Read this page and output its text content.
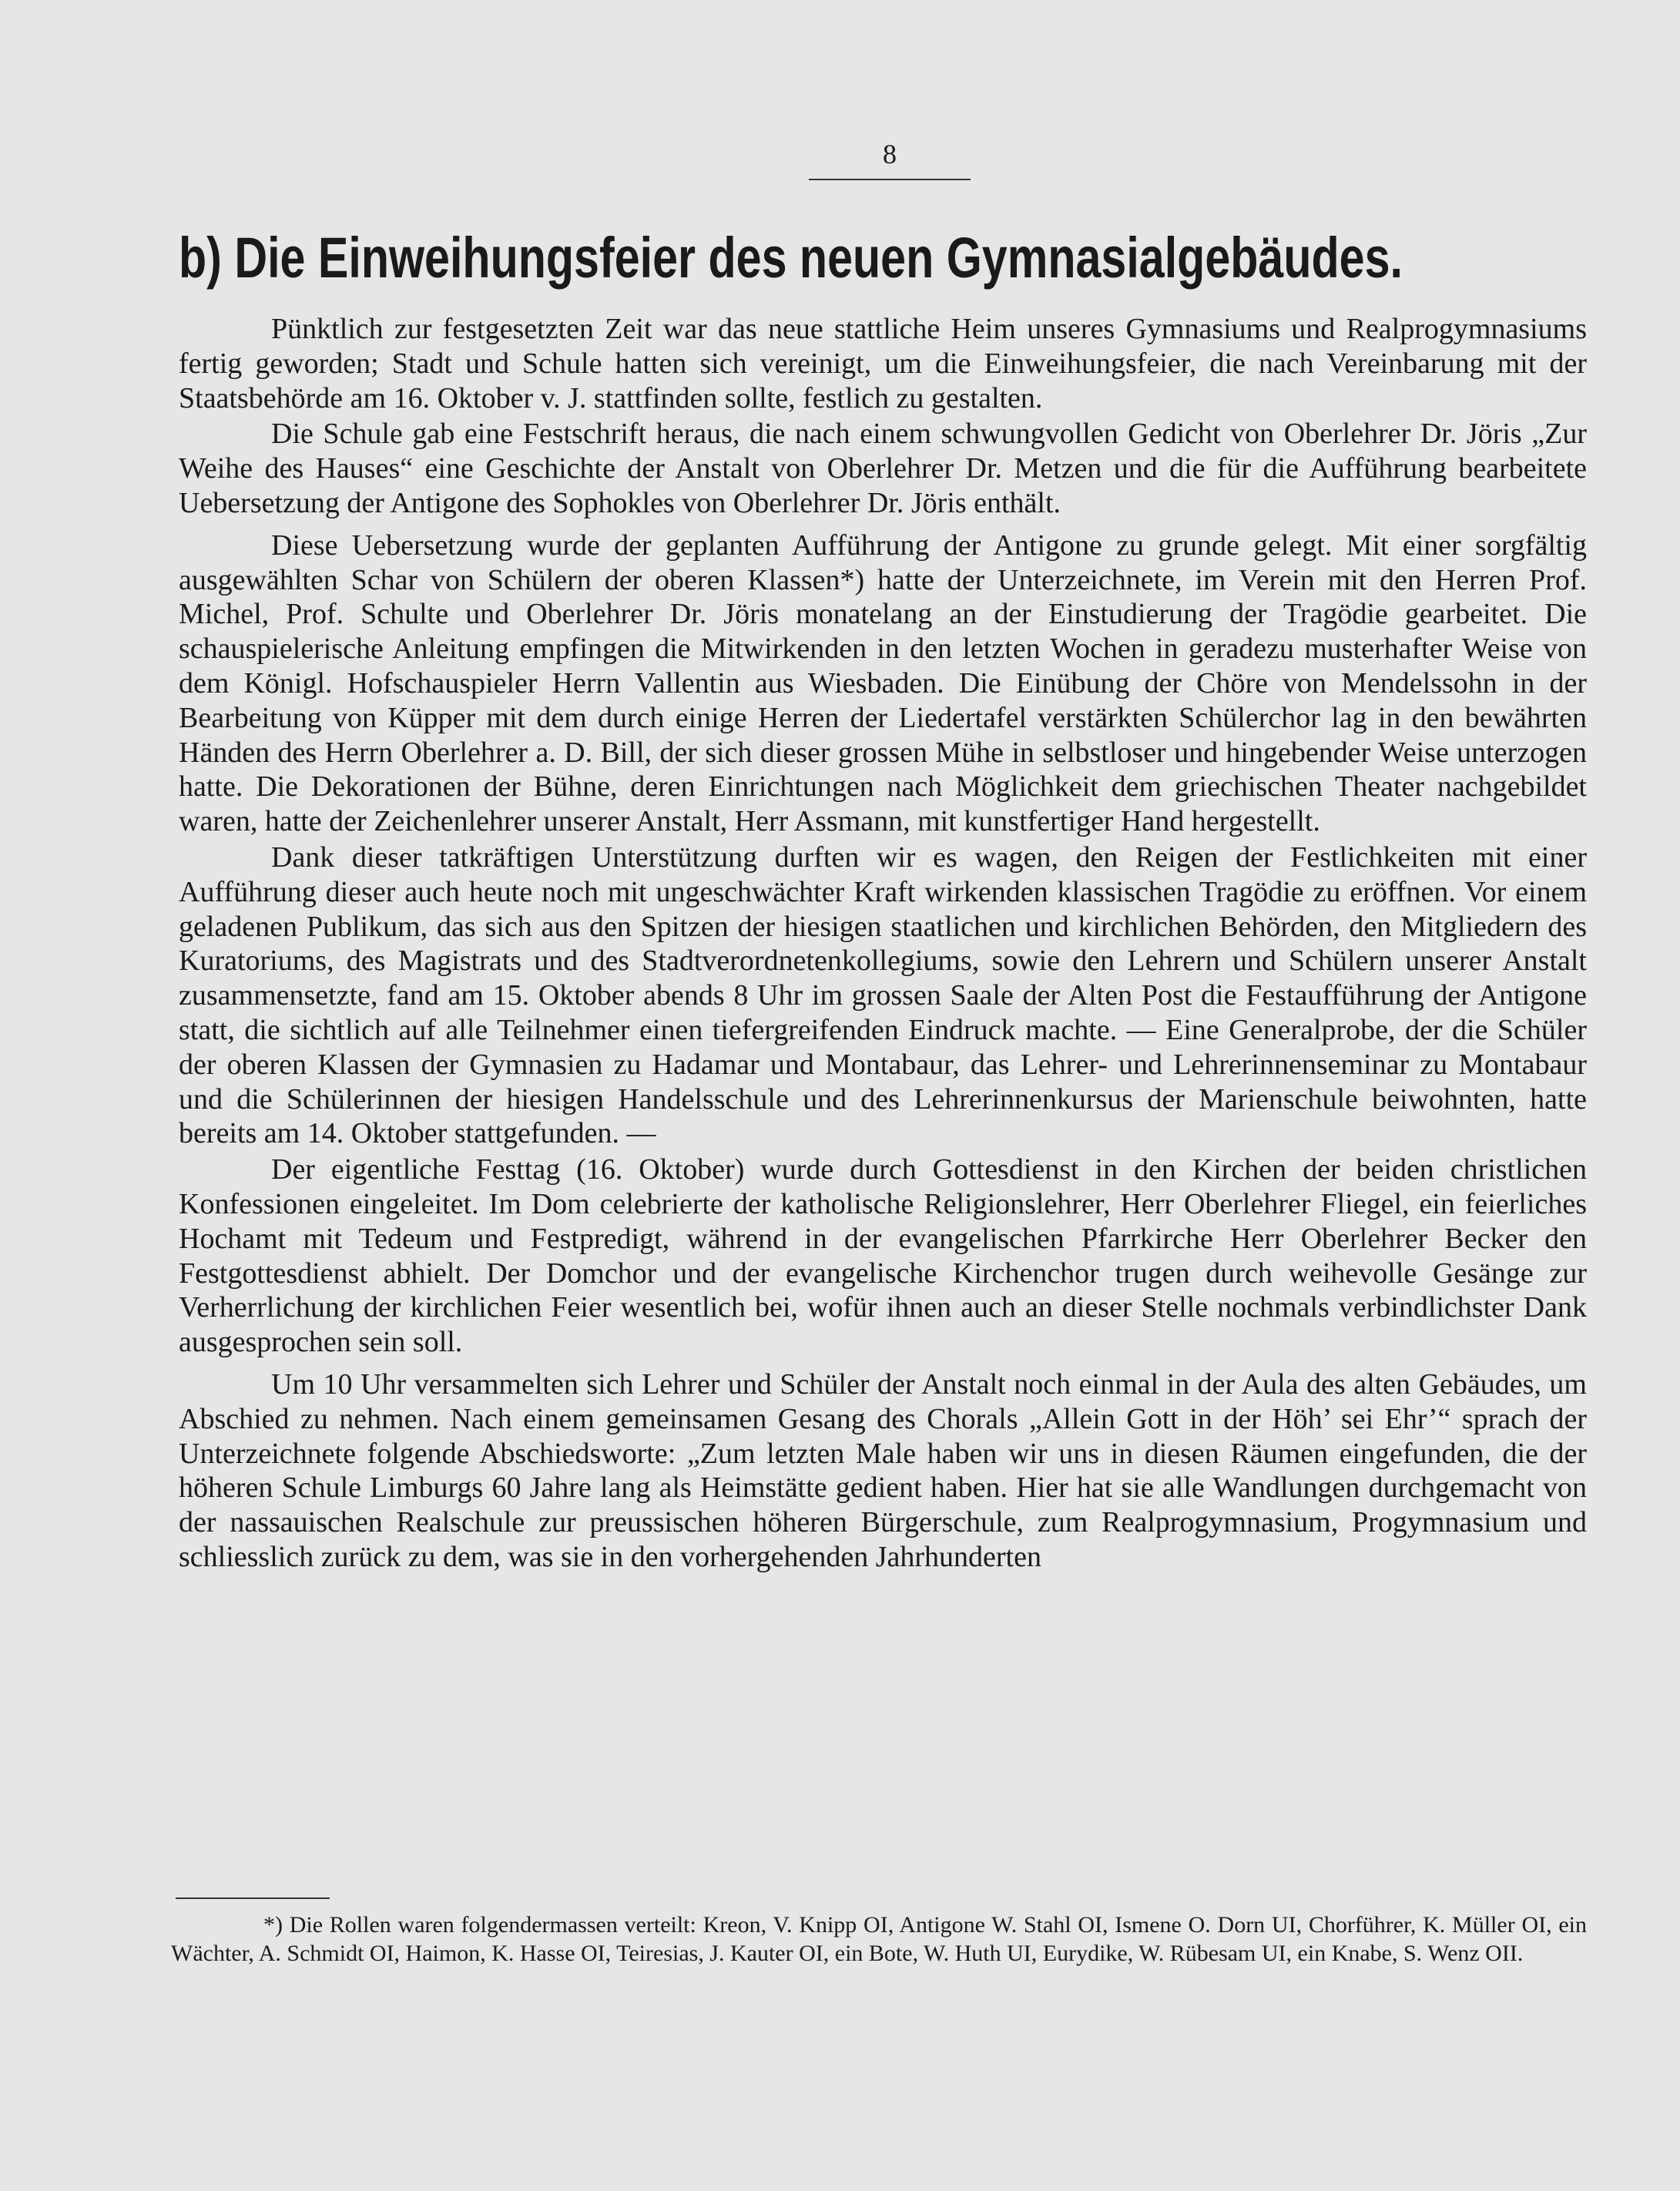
8
b) Die Einweihungsfeier des neuen Gymnasialgebäudes.

Pünktlich zur festgesetzten Zeit war das neue stattliche Heim unseres Gymnasiums und Realprogymnasiums fertig geworden; Stadt und Schule hatten sich vereinigt, um die Einweihungsfeier, die nach Vereinbarung mit der Staatsbehörde am 16. Oktober v. J. stattfinden sollte, festlich zu gestalten.

Die Schule gab eine Festschrift heraus, die nach einem schwungvollen Gedicht von Oberlehrer Dr. Jöris „Zur Weihe des Hauses“ eine Geschichte der Anstalt von Oberlehrer Dr. Metzen und die für die Aufführung bearbeitete Uebersetzung der Antigone des Sophokles von Oberlehrer Dr. Jöris enthält.

Diese Uebersetzung wurde der geplanten Aufführung der Antigone zu grunde gelegt. Mit einer sorgfältig ausgewählten Schar von Schülern der oberen Klassen*) hatte der Unterzeichnete, im Verein mit den Herren Prof. Michel, Prof. Schulte und Oberlehrer Dr. Jöris monatelang an der Einstudierung der Tragödie gearbeitet. Die schauspielerische Anleitung empfingen die Mitwirkenden in den letzten Wochen in geradezu musterhafter Weise von dem Königl. Hofschauspieler Herrn Vallentin aus Wiesbaden. Die Einübung der Chöre von Mendelssohn in der Bearbeitung von Küpper mit dem durch einige Herren der Liedertafel verstärkten Schülerchor lag in den bewährten Händen des Herrn Oberlehrer a. D. Bill, der sich dieser grossen Mühe in selbstloser und hingebender Weise unterzogen hatte. Die Dekorationen der Bühne, deren Einrichtungen nach Möglichkeit dem griechischen Theater nachgebildet waren, hatte der Zeichenlehrer unserer Anstalt, Herr Assmann, mit kunstfertiger Hand hergestellt.

Dank dieser tatkräftigen Unterstützung durften wir es wagen, den Reigen der Festlichkeiten mit einer Aufführung dieser auch heute noch mit ungeschwächter Kraft wirkenden klassischen Tragödie zu eröffnen. Vor einem geladenen Publikum, das sich aus den Spitzen der hiesigen staatlichen und kirchlichen Behörden, den Mitgliedern des Kuratoriums, des Magistrats und des Stadtverordnetenkollegiums, sowie den Lehrern und Schülern unserer Anstalt zusammensetzte, fand am 15. Oktober abends 8 Uhr im grossen Saale der Alten Post die Festaufführung der Antigone statt, die sichtlich auf alle Teilnehmer einen tiefergreifenden Eindruck machte. — Eine Generalprobe, der die Schüler der oberen Klassen der Gymnasien zu Hadamar und Montabaur, das Lehrer- und Lehrerinnenseminar zu Montabaur und die Schülerinnen der hiesigen Handelsschule und des Lehrerinnenkursus der Marienschule beiwohnten, hatte bereits am 14. Oktober stattgefunden. —

Der eigentliche Festtag (16. Oktober) wurde durch Gottesdienst in den Kirchen der beiden christlichen Konfessionen eingeleitet. Im Dom celebrierte der katholische Religionslehrer, Herr Oberlehrer Fliegel, ein feierliches Hochamt mit Tedeum und Festpredigt, während in der evangelischen Pfarrkirche Herr Oberlehrer Becker den Festgottesdienst abhielt. Der Domchor und der evangelische Kirchenchor trugen durch weihevolle Gesänge zur Verherrlichung der kirchlichen Feier wesentlich bei, wofür ihnen auch an dieser Stelle nochmals verbindlichster Dank ausgesprochen sein soll.

Um 10 Uhr versammelten sich Lehrer und Schüler der Anstalt noch einmal in der Aula des alten Gebäudes, um Abschied zu nehmen. Nach einem gemeinsamen Gesang des Chorals „Allein Gott in der Höh’ sei Ehr’“ sprach der Unterzeichnete folgende Abschiedsworte: „Zum letzten Male haben wir uns in diesen Räumen eingefunden, die der höheren Schule Limburgs 60 Jahre lang als Heimstätte gedient haben. Hier hat sie alle Wandlungen durchgemacht von der nassauischen Realschule zur preussischen höheren Bürgerschule, zum Realprogymnasium, Progymnasium und schliesslich zurück zu dem, was sie in den vorhergehenden Jahrhunderten

*) Die Rollen waren folgendermassen verteilt: Kreon, V. Knipp OI, Antigone W. Stahl OI, Ismene O. Dorn UI, Chorführer, K. Müller OI, ein Wächter, A. Schmidt OI, Haimon, K. Hasse OI, Teiresias, J. Kauter OI, ein Bote, W. Huth UI, Eurydike, W. Rübesam UI, ein Knabe, S. Wenz OII.
